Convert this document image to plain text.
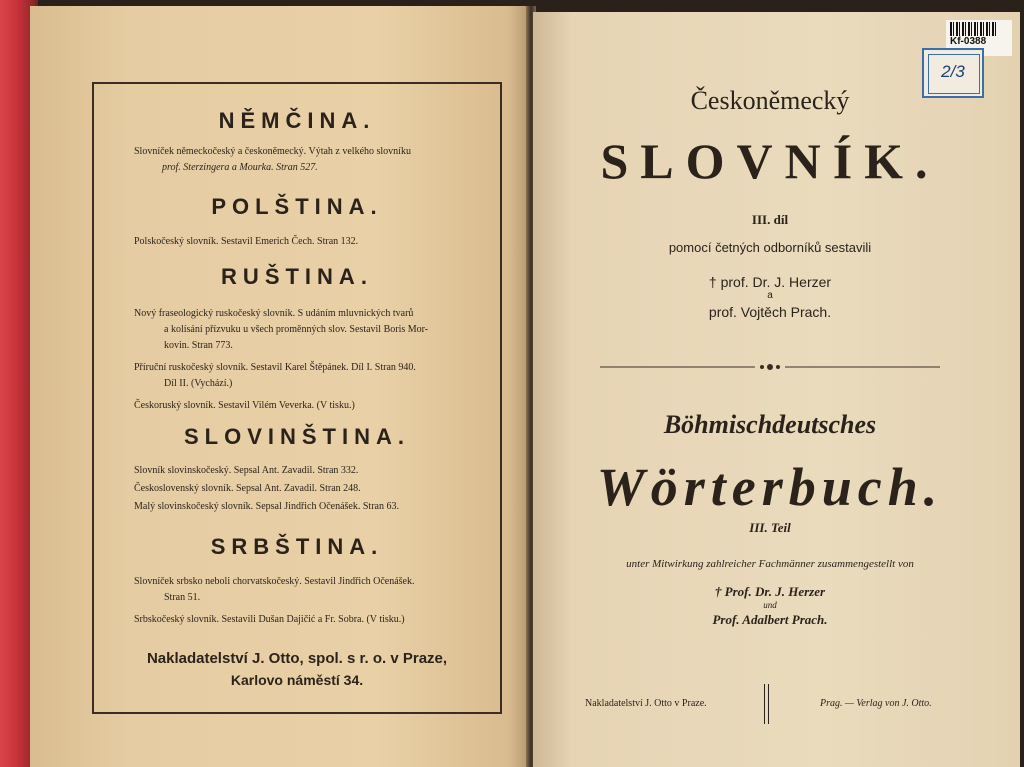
NĚMČINA.
Slovníček německočeský a českoněmecký. Výtah z velkého slovníku
prof. Sterzingera a Mourka. Stran 527.
POLŠTINA.
Polskočeský slovník. Sestavil Emerich Čech. Stran 132.
RUŠTINA.
Nový fraseologický ruskočeský slovník. S udáním mluvnických tvarů
a kolísání přízvuku u všech proměnných slov. Sestavil Boris Mor-
kovin. Stran 773.
Příruční ruskočeský slovník. Sestavil Karel Štěpánek. Díl I. Stran 940.
Díl II. (Vychází.)
Českoruský slovník. Sestavil Vilém Veverka. (V tisku.)
SLOVINŠTINA.
Slovník slovinskočeský. Sepsal Ant. Zavadil. Stran 332.
Československý slovník. Sepsal Ant. Zavadil. Stran 248.
Malý slovinskočeský slovník. Sepsal Jindřich Očenášek. Stran 63.
SRBŠTINA.
Slovníček srbsko neboli chorvatskočeský. Sestavil Jindřich Očenášek.
Stran 51.
Srbskočeský slovník. Sestavili Dušan Dajičić a Fr. Sobra. (V tisku.)
Nakladatelství J. Otto, spol. s r. o. v Praze,
Karlovo náměstí 34.
Českoněmecký
SLOVNÍK.
III. díl
pomocí četných odborníků sestavili
† prof. Dr. J. Herzer
a
prof. Vojtěch Prach.
Böhmischdeutsches
Wörterbuch.
III. Teil
unter Mitwirkung zahlreicher Fachmänner zusammengestellt von
† Prof. Dr. J. Herzer
und
Prof. Adalbert Prach.
Nakladatelství J. Otto v Praze.	Prag. — Verlag von J. Otto.
Kf-0388
2/3
